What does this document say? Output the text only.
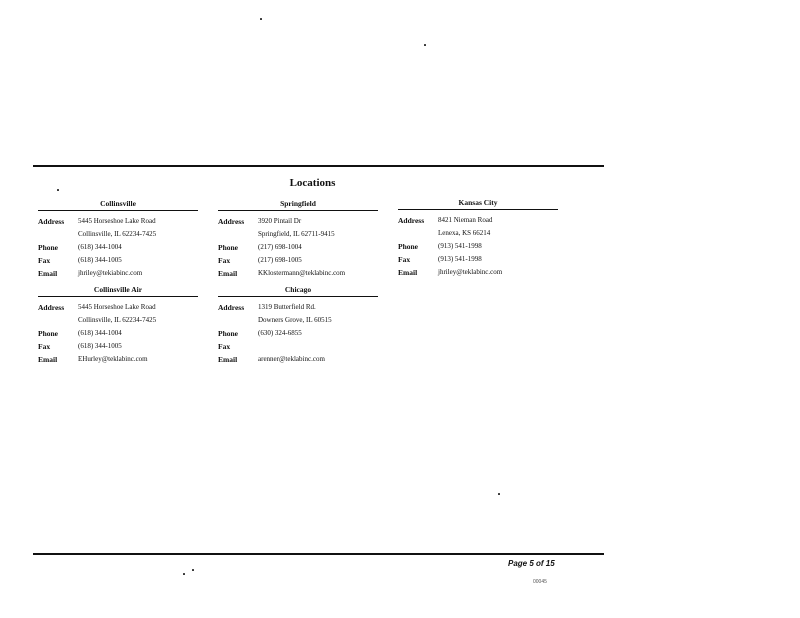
Locations
Collinsville
Address	5445 Horseshoe Lake Road
Collinsville, IL 62234-7425
Phone	(618) 344-1004
Fax	(618) 344-1005
Email	jhriley@tekiabinc.com
Springfield
Address	3920 Pintail Dr
Springfield, IL 62711-9415
Phone	(217) 698-1004
Fax	(217) 698-1005
Email	KKlostermann@teklabinc.com
Kansas City
Address	8421 Nieman Road
Lenexa, KS 66214
Phone	(913) 541-1998
Fax	(913) 541-1998
Email	jhriley@teklabinc.com
Collinsville Air
Address	5445 Horseshoe Lake Road
Collinsville, IL 62234-7425
Phone	(618) 344-1004
Fax	(618) 344-1005
Email	EHurley@teklabinc.com
Chicago
Address	1319 Butterfield Rd.
Downers Grove, IL 60515
Phone	(630) 324-6855
Fax
Email	arenner@teklabinc.com
Page 5 of 15
00045
